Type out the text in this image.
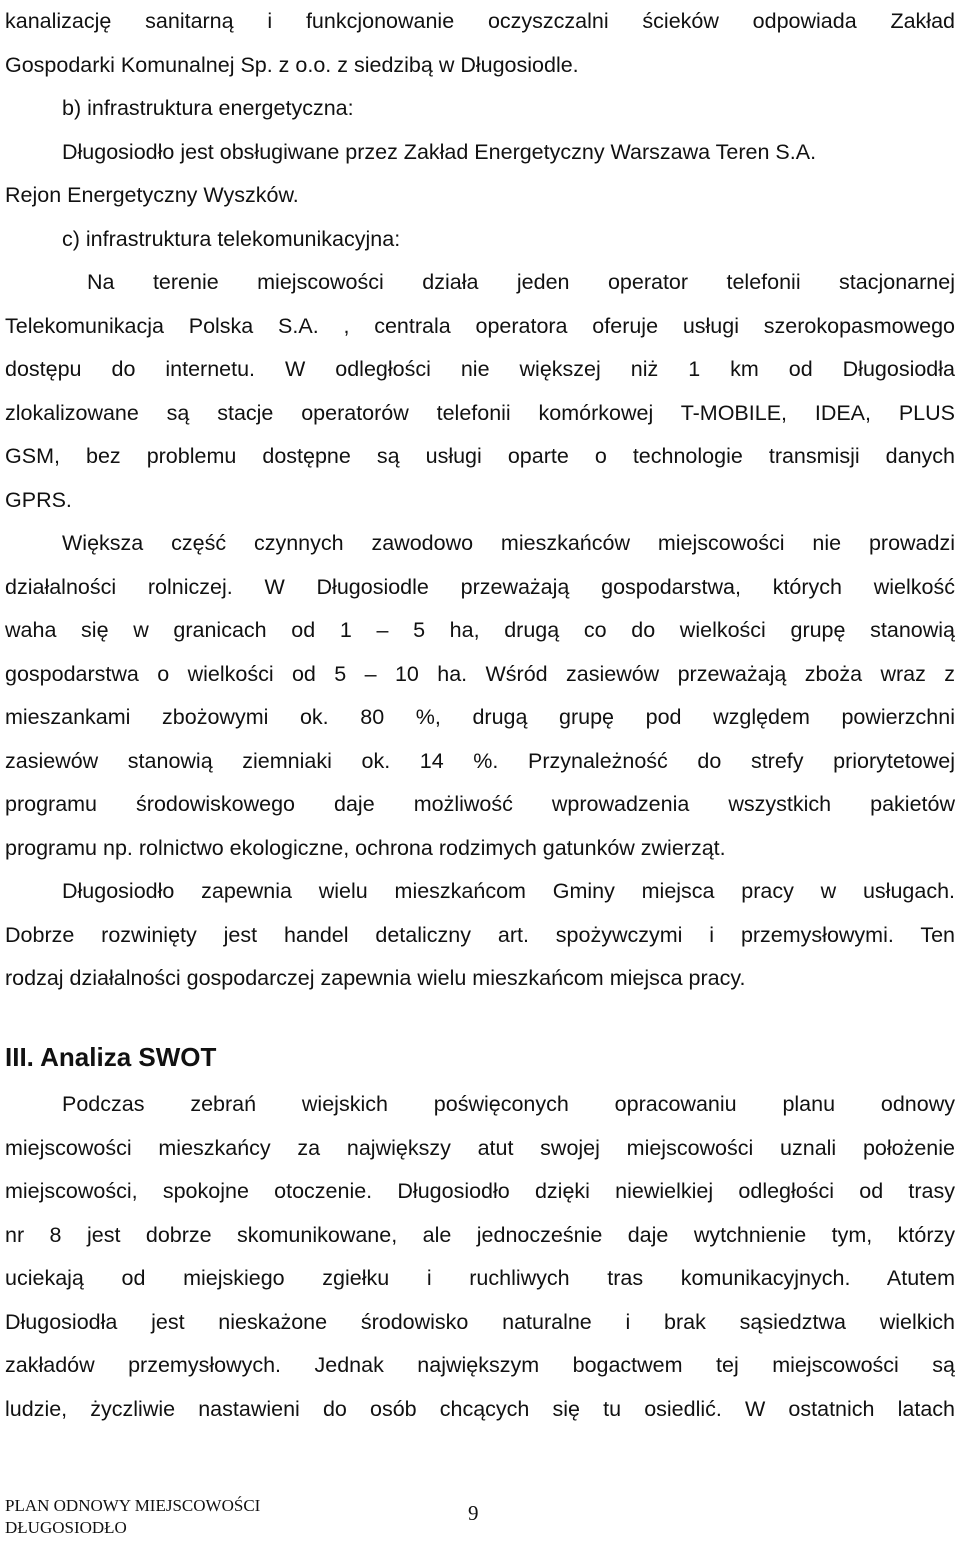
kanalizację sanitarną i funkcjonowanie oczyszczalni ścieków odpowiada Zakład
Gospodarki Komunalnej Sp. z o.o. z siedzibą w Długosiodle.
b) infrastruktura energetyczna:
Długosiodło jest obsługiwane przez Zakład Energetyczny Warszawa Teren S.A.
Rejon Energetyczny Wyszków.
c) infrastruktura telekomunikacyjna:
Na terenie miejscowości działa jeden operator telefonii stacjonarnej
Telekomunikacja Polska S.A. , centrala operatora oferuje usługi szerokopasmowego
dostępu do internetu. W odległości nie większej niż 1 km od Długosiodła
zlokalizowane są stacje operatorów telefonii komórkowej T-MOBILE, IDEA, PLUS
GSM, bez problemu dostępne są usługi oparte o technologie transmisji danych
GPRS.
Większa część czynnych zawodowo mieszkańców miejscowości nie prowadzi
działalności rolniczej. W Długosiodle przeważają gospodarstwa, których wielkość
waha się w granicach od 1 – 5 ha, drugą co do wielkości grupę stanowią
gospodarstwa o wielkości od 5 – 10 ha. Wśród zasiewów przeważają zboża wraz z
mieszankami zbożowymi ok. 80 %, drugą grupę pod względem powierzchni
zasiewów stanowią ziemniaki ok. 14 %. Przynależność do strefy priorytetowej
programu środowiskowego daje możliwość wprowadzenia wszystkich pakietów
programu np. rolnictwo ekologiczne, ochrona rodzimych gatunków zwierząt.
Długosiodło zapewnia wielu mieszkańcom Gminy miejsca pracy w usługach.
Dobrze rozwinięty jest handel detaliczny art. spożywczymi i przemysłowymi. Ten
rodzaj działalności gospodarczej zapewnia wielu mieszkańcom miejsca pracy.
III. Analiza SWOT
Podczas zebrań wiejskich poświęconych opracowaniu planu odnowy
miejscowości mieszkańcy za największy atut swojej miejscowości uznali położenie
miejscowości, spokojne otoczenie. Długosiodło dzięki niewielkiej odległości od trasy
nr 8 jest dobrze skomunikowane, ale jednocześnie daje wytchnienie tym, którzy
uciekają od miejskiego zgiełku i ruchliwych tras komunikacyjnych. Atutem
Długosiodła jest nieskażone środowisko naturalne i brak sąsiedztwa wielkich
zakładów przemysłowych. Jednak największym bogactwem tej miejscowości są
ludzie, życzliwie nastawieni do osób chcących się tu osiedlić. W ostatnich latach
PLAN ODNOWY MIEJSCOWOŚCI
DŁUGOSIODŁO
9
